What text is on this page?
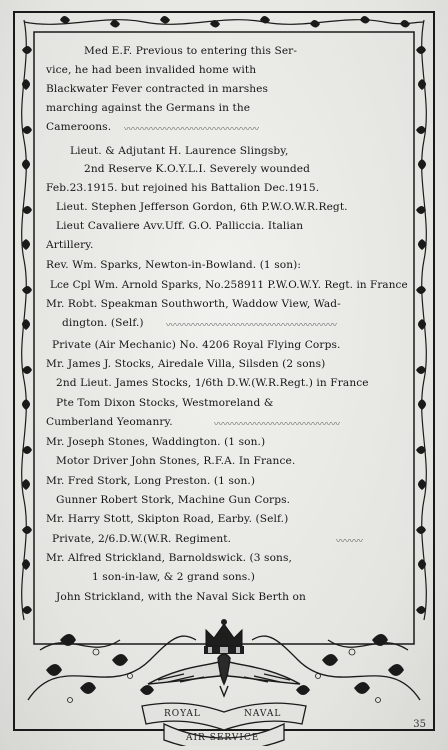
Med E.F. Previous to entering this Ser-
vice, he had been invalided home with
Blackwater Fever contracted in marshes
marching against the Germans in the
Cameroons. 〰〰〰〰〰〰〰〰〰〰〰〰〰〰〰
Lieut. & Adjutant H. Laurence Slingsby,
2nd Reserve K.O.Y.L.I. Severely wounded
Feb.23.1915. but rejoined his Battalion Dec.1915.
Lieut. Stephen Jefferson Gordon, 6th P.W.O.W.R.Regt.
Lieut Cavaliere Avv.Uff. G.O. Palliccia. Italian
Artillery.
Rev. Wm. Sparks, Newton-in-Bowland. (1 son):
Lce Cpl Wm. Arnold Sparks, No.258911 P.W.O.W.Y. Regt. in France
Mr. Robt. Speakman Southworth, Waddow View, Wad-
dington. (Self.) 〰〰〰〰〰〰〰〰〰〰〰〰〰〰〰〰〰〰〰
Private (Air Mechanic) No. 4206 Royal Flying Corps.
Mr. James J. Stocks, Airedale Villa, Silsden (2 sons)
2nd Lieut. James Stocks, 1/6th D.W.(W.R.Regt.) in France
Pte Tom Dixon Stocks, Westmoreland &
Cumberland Yeomanry.	〰〰〰〰〰〰〰〰〰〰〰〰〰〰
Mr. Joseph Stones, Waddington. (1 son.)
Motor Driver John Stones, R.F.A. In France.
Mr. Fred Stork, Long Preston. (1 son.)
Gunner Robert Stork, Machine Gun Corps.
Mr. Harry Stott, Skipton Road, Earby. (Self.)
Private, 2/6.D.W.(W.R. Regiment.	〰〰〰
Mr. Alfred Strickland, Barnoldswick. (3 sons,
1 son-in-law, & 2 grand sons.)
John Strickland, with the Naval Sick Berth on
ROYAL	NAVAL
AIR SERVICE
35
